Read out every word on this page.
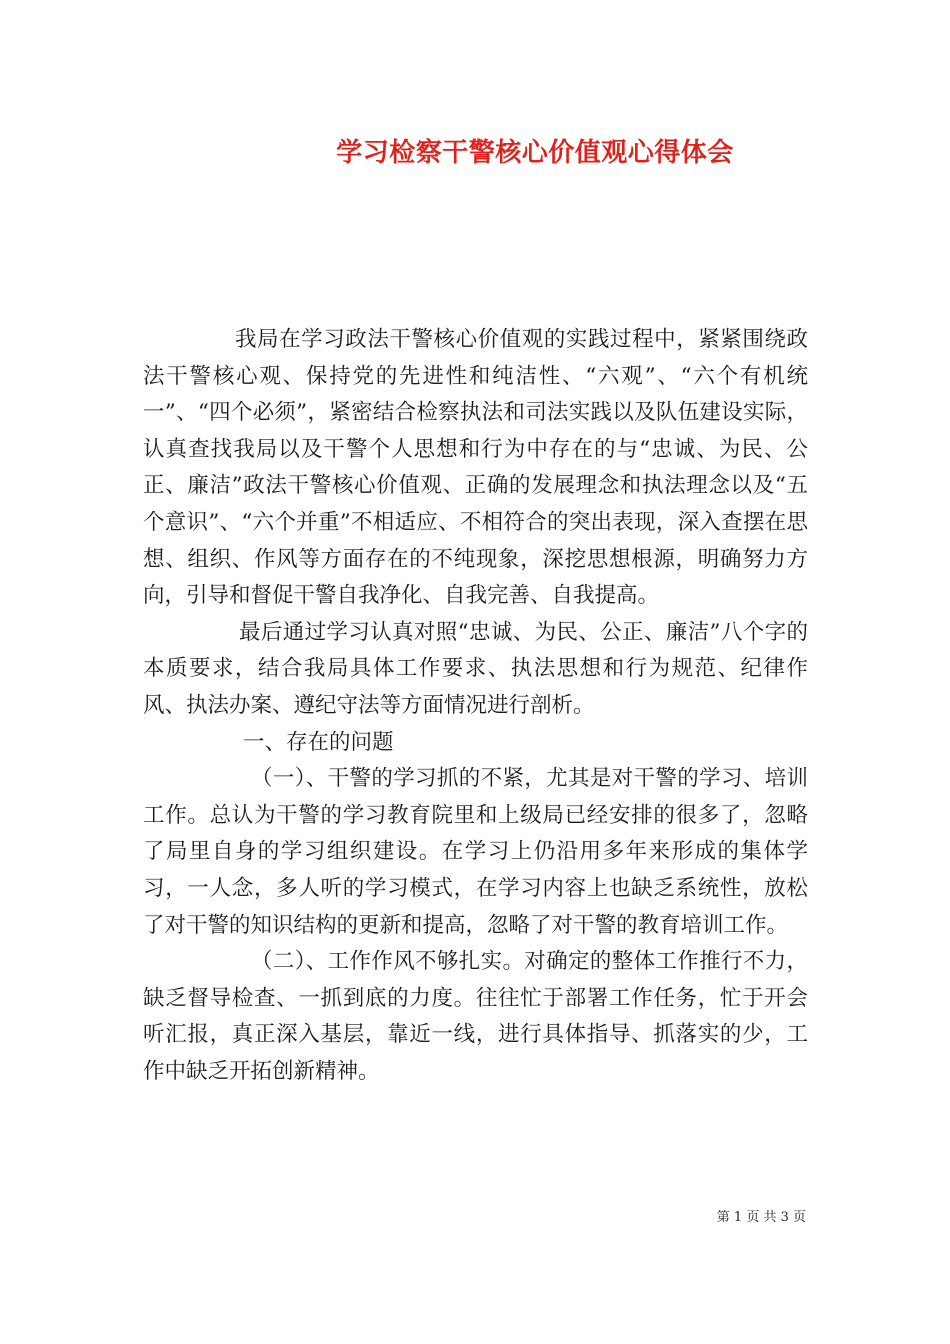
学习检察干警核心价值观心得体会

我局在学习政法干警核心价值观的实践过程中，紧紧围绕政法干警核心观、保持党的先进性和纯洁性、“六观”、“六个有机统一”、“四个必须”，紧密结合检察执法和司法实践以及队伍建设实际，认真查找我局以及干警个人思想和行为中存在的与“忠诚、为民、公正、廉洁”政法干警核心价值观、正确的发展理念和执法理念以及“五个意识”、“六个并重”不相适应、不相符合的突出表现，深入查摆在思想、组织、作风等方面存在的不纯现象，深挖思想根源，明确努力方向，引导和督促干警自我净化、自我完善、自我提高。

最后通过学习认真对照“忠诚、为民、公正、廉洁”八个字的本质要求，结合我局具体工作要求、执法思想和行为规范、纪律作风、执法办案、遵纪守法等方面情况进行剖析。

一、存在的问题

（一）、干警的学习抓的不紧，尤其是对干警的学习、培训工作。总认为干警的学习教育院里和上级局已经安排的很多了，忽略了局里自身的学习组织建设。在学习上仍沿用多年来形成的集体学习，一人念，多人听的学习模式，在学习内容上也缺乏系统性，放松了对干警的知识结构的更新和提高，忽略了对干警的教育培训工作。

（二）、工作作风不够扎实。对确定的整体工作推行不力，缺乏督导检查、一抓到底的力度。往往忙于部署工作任务，忙于开会听汇报，真正深入基层，靠近一线，进行具体指导、抓落实的少，工作中缺乏开拓创新精神。

第 1 页 共 3 页
